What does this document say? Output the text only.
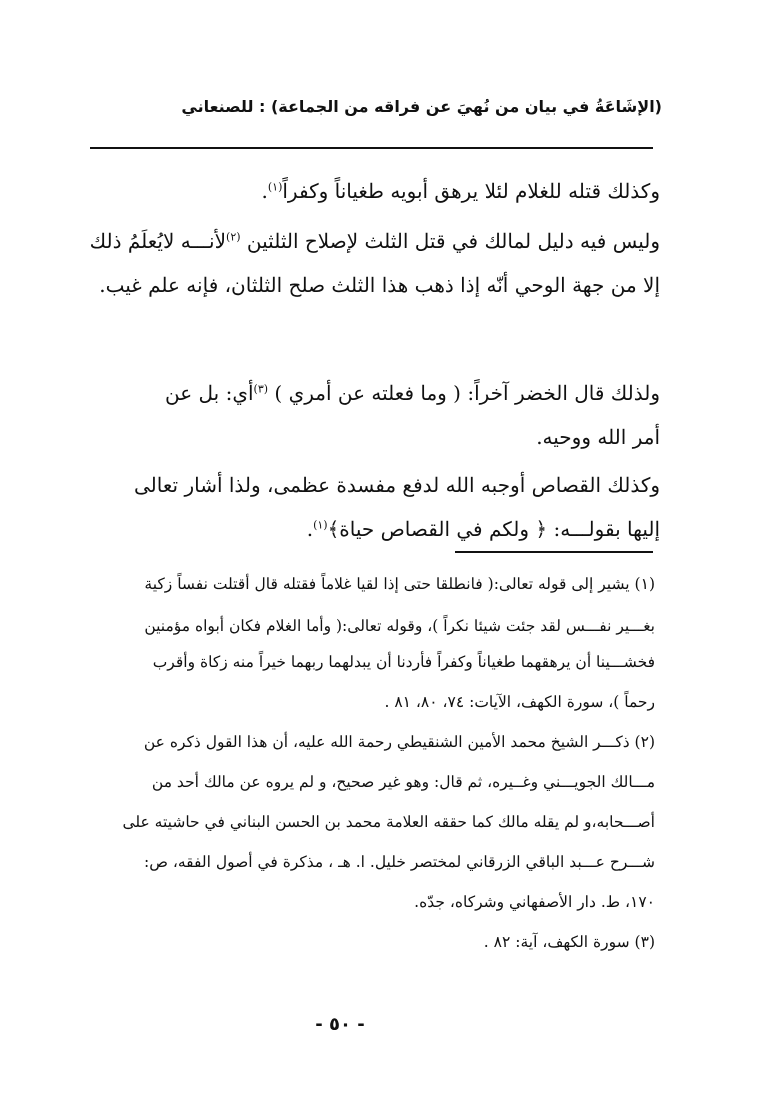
(الإشَاعَةُ في بيان من نُهيَ عن فراقه من الجماعة) : للصنعاني
وكذلك قتله للغلام لئلا يرهق أبويه طغياناً وكفراً$^{(١)}$.
وليس فيه دليل لمالك في قتل الثلث لإصلاح الثلثين $^{(٢)}$لأنـــه لايُعلَمُ ذلك
إلا من جهة الوحي أنّه إذا ذهب هذا الثلث صلح الثلثان، فإنه علم غيب.
ولذلك قال الخضر آخراً: ( وما فعلته عن أمري ) $^{(٣)}$أي: بل عن
أمر الله ووحيه.
وكذلك القصاص أوجبه الله لدفع مفسدة عظمى، ولذا أشار تعالى
إليها بقولـــه: ﴿ ولكم في القصاص حياة﴾$^{(١)}$.
(١) يشير إلى قوله تعالى:( فانطلقا حتى إذا لقيا غلاماً فقتله قال أقتلت نفساً زكية
بغـــير نفـــس لقد جئت شيئا نكراً )، وقوله تعالى:( وأما الغلام فكان أبواه مؤمنين
فخشـــينا أن يرهقهما طغياناً وكفراً فأردنا أن يبدلهما ربهما خيراً منه زكاة وأقرب
رحماً )، سورة الكهف، الآيات: ٧٤، ٨٠، ٨١ .
(٢) ذكـــر الشيخ محمد الأمين الشنقيطي رحمة الله عليه، أن هذا القول ذكره عن
مـــالك الجويـــني وغــيره، ثم قال: وهو غير صحيح، و لم يروه عن مالك أحد من
أصـــحابه،و لم يقله مالك كما حققه العلامة محمد بن الحسن البناني في حاشيته على
شـــرح عـــبد الباقي الزرقاني لمختصر خليل. ا. هـ ، مذكرة في أصول الفقه، ص:
١٧٠، ط. دار الأصفهاني وشركاه، جدّه.
(٣) سورة الكهف، آية: ٨٢ .
- ٥٠ -
